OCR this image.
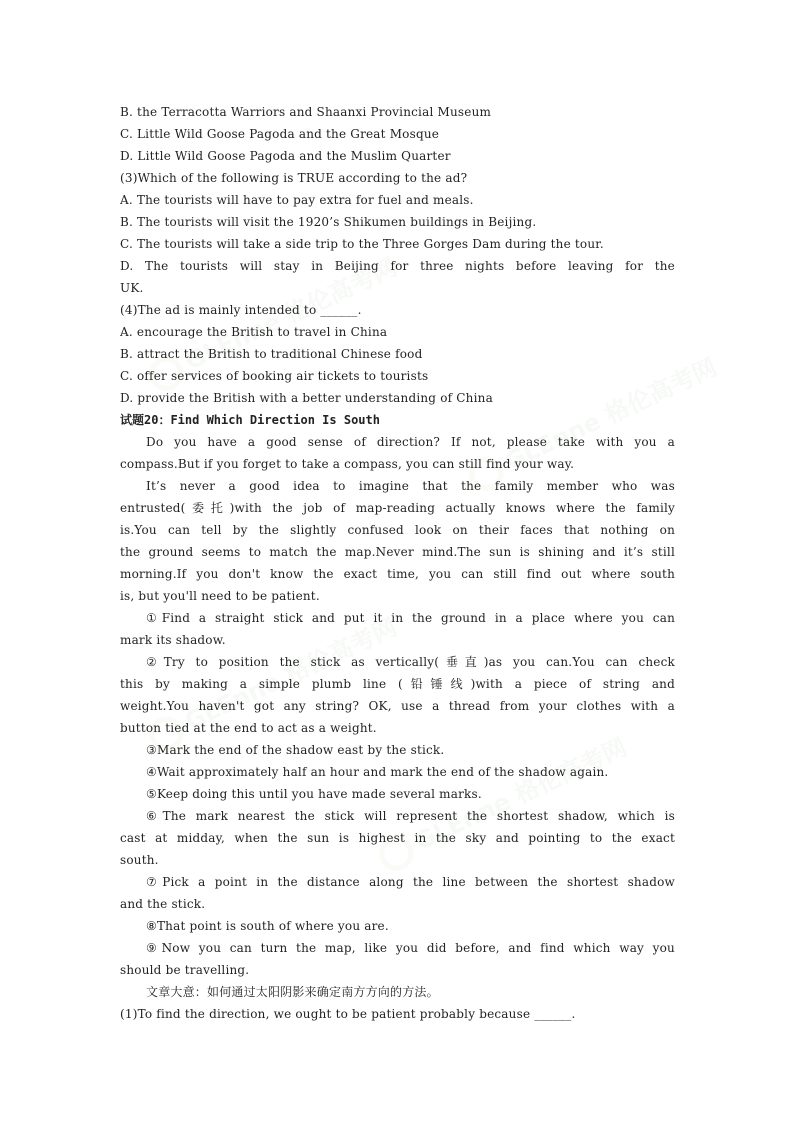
B. the Terracotta Warriors and Shaanxi Provincial Museum
C. Little Wild Goose Pagoda and the Great Mosque
D. Little Wild Goose Pagoda and the Muslim Quarter
(3)Which of the following is TRUE according to the ad?
A. The tourists will have to pay extra for fuel and meals.
B. The tourists will visit the 1920’s Shikumen buildings in Beijing.
C. The tourists will take a side trip to the Three Gorges Dam during the tour.
D. The tourists will stay in Beijing for three nights before leaving for the
UK.
(4)The ad is mainly intended to ______.
A. encourage the British to travel in China
B. attract the British to traditional Chinese food
C. offer services of booking air tickets to tourists
D. provide the British with a better understanding of China
试题20：Find Which Direction Is South
Do you have a good sense of direction? If not, please take with you a
compass.But if you forget to take a compass, you can still find your way.
It’s never a good idea to imagine that the family member who was
entrusted(委托)with the job of map-reading actually knows where the family
is.You can tell by the slightly confused look on their faces that nothing on
the ground seems to match the map.Never mind.The sun is shining and it’s still
morning.If you don't know the exact time, you can still find out where south
is, but you'll need to be patient.
①Find a straight stick and put it in the ground in a place where you can
mark its shadow.
②Try to position the stick as vertically(垂直)as you can.You can check
this by making a simple plumb line (铅锤线)with a piece of string and
weight.You haven't got any string? OK, use a thread from your clothes with a
button tied at the end to act as a weight.
③Mark the end of the shadow east by the stick.
④Wait approximately half an hour and mark the end of the shadow again.
⑤Keep doing this until you have made several marks.
⑥The mark nearest the stick will represent the shortest shadow, which is
cast at midday, when the sun is highest in the sky and pointing to the exact
south.
⑦Pick a point in the distance along the line between the shortest shadow
and the stick.
⑧That point is south of where you are.
⑨Now you can turn the map, like you did before, and find which way you
should be travelling.
文章大意：如何通过太阳阴影来确定南方方向的方法。
(1)To find the direction, we ought to be patient probably because ______.
